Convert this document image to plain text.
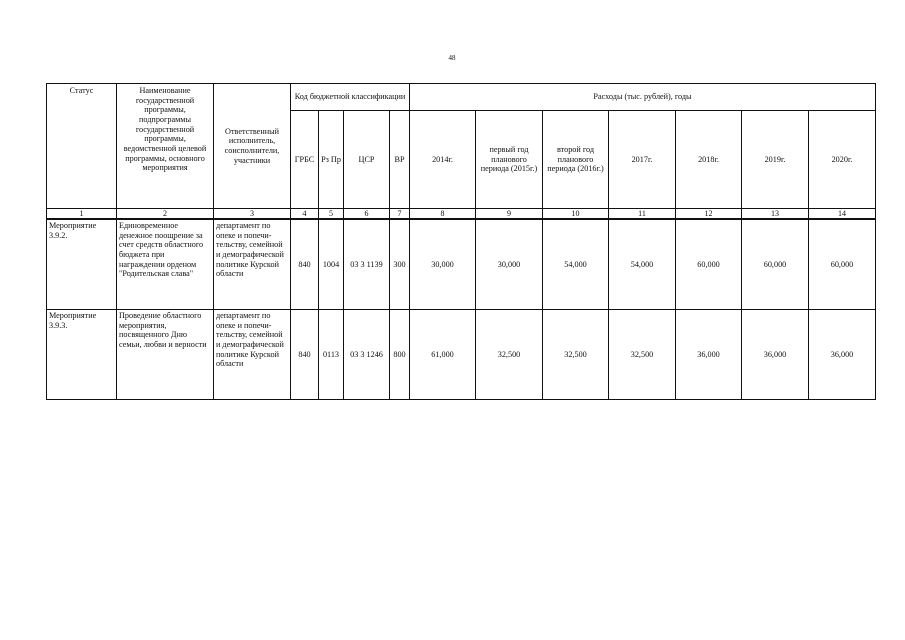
48
Статус	Наименование государственной программы, подпрограммы государственной программы, ведомственной целевой программы, основного мероприятия	Ответственный исполнитель, соисполнители, участники	Код бюджетной классификации				Расходы (тыс. рублей), годы						
			ГРБС	Рз Пр	ЦСР	ВР	2014г.	первый год планового периода (2015г.)	второй год планового периода (2016г.)	2017г.	2018г.	2019г.	2020г.
1	2	3	4	5	6	7	8	9	10	11	12	13	14
Мероприятие 3.9.2.	Единовременное денежное поощрение за счет средств областного бюджета при награждении орденом "Родительская слава"	департамент по опеке и попечи-тельству, семейной и демографической политике Курской области	840	1004	03 3 1139	300	30,000	30,000	54,000	54,000	60,000	60,000	60,000
Мероприятие 3.9.3.	Проведение областного мероприятия, посвященного Дню семьи, любви и верности	департамент по опеке и попечи-тельству, семейной и демографической политике Курской области	840	0113	03 3 1246	800	61,000	32,500	32,500	32,500	36,000	36,000	36,000
